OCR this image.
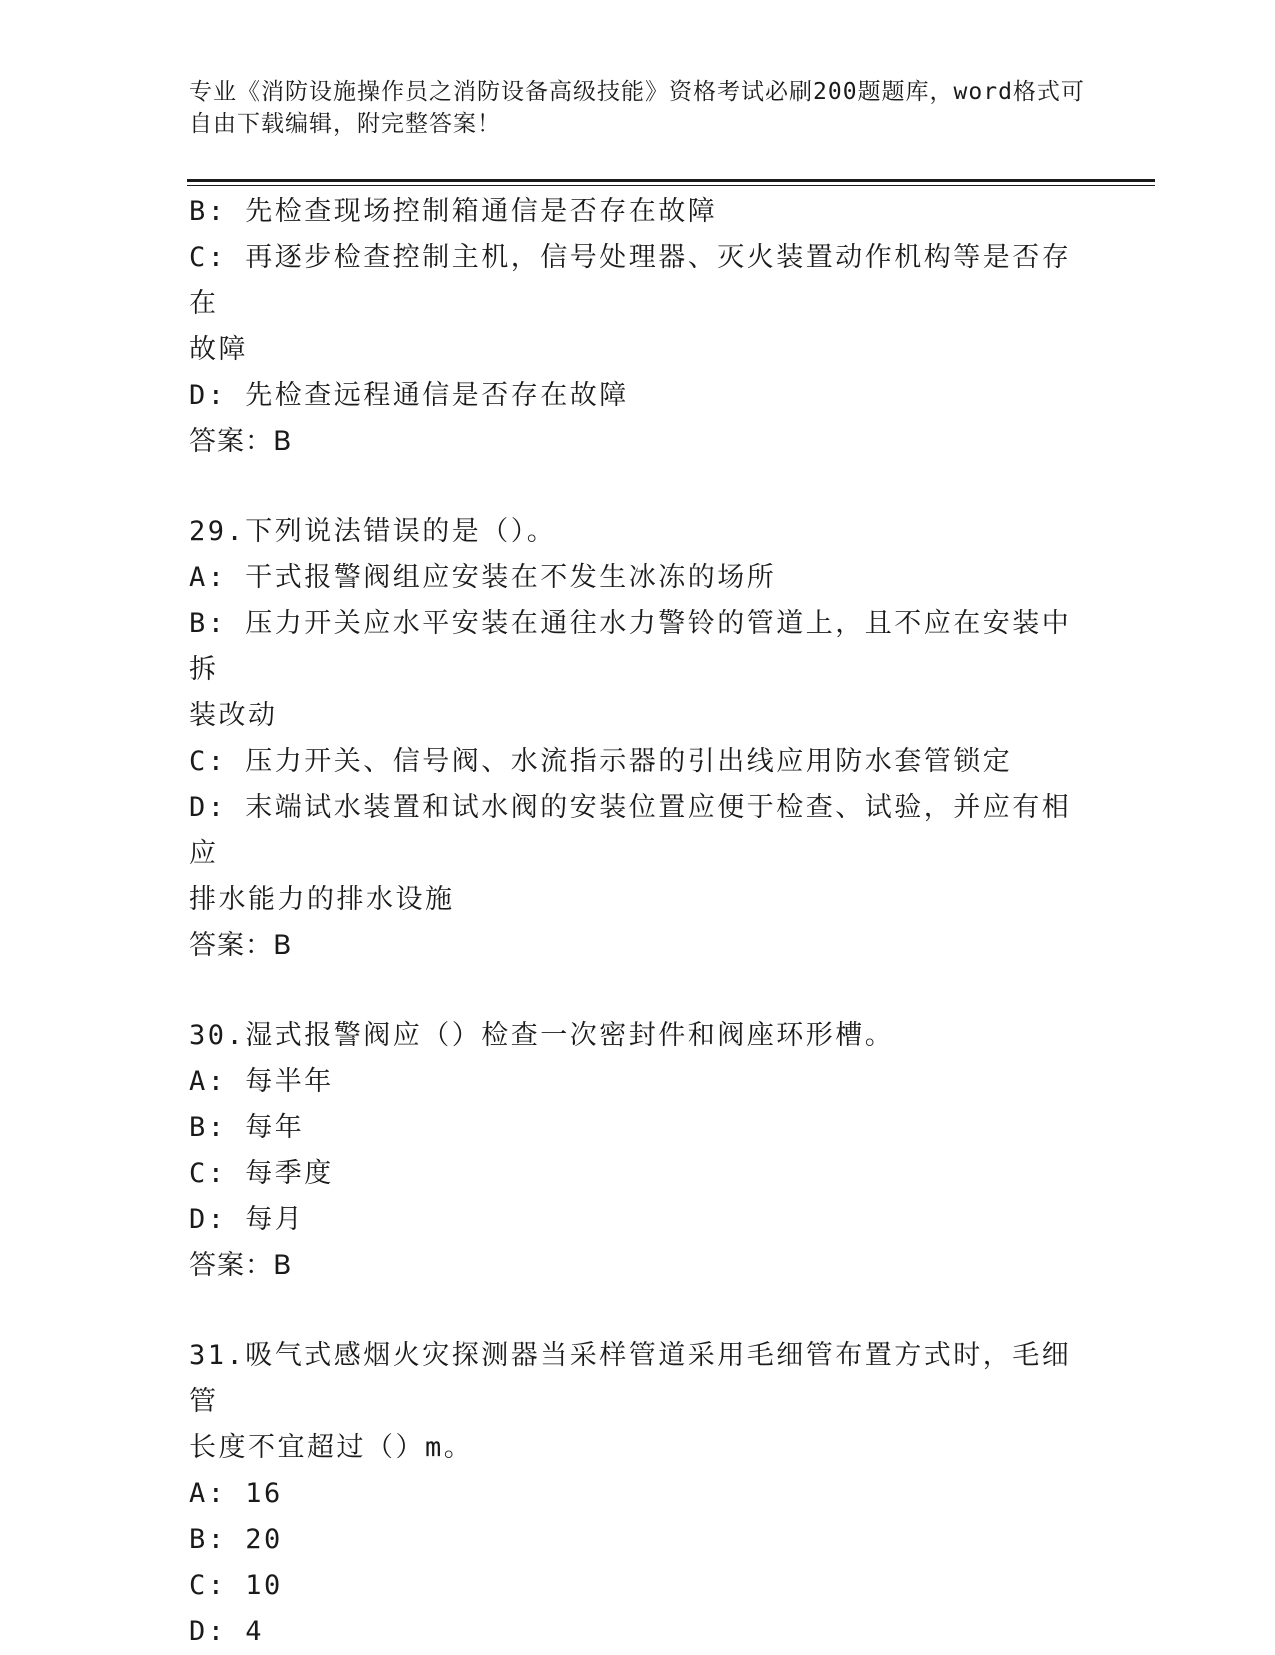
专业《消防设施操作员之消防设备高级技能》资格考试必刷200题题库，word格式可自由下载编辑，附完整答案！
B: 先检查现场控制箱通信是否存在故障
C: 再逐步检查控制主机，信号处理器、灭火装置动作机构等是否存在
故障
D: 先检查远程通信是否存在故障
答案：B
29.下列说法错误的是（）。
A: 干式报警阀组应安装在不发生冰冻的场所
B: 压力开关应水平安装在通往水力警铃的管道上，且不应在安装中拆
装改动
C: 压力开关、信号阀、水流指示器的引出线应用防水套管锁定
D: 末端试水装置和试水阀的安装位置应便于检查、试验，并应有相应
排水能力的排水设施
答案：B
30.湿式报警阀应（）检查一次密封件和阀座环形槽。
A: 每半年
B: 每年
C: 每季度
D: 每月
答案：B
31.吸气式感烟火灾探测器当采样管道采用毛细管布置方式时，毛细管
长度不宜超过（）m。
A: 16
B: 20
C: 10
D: 4
